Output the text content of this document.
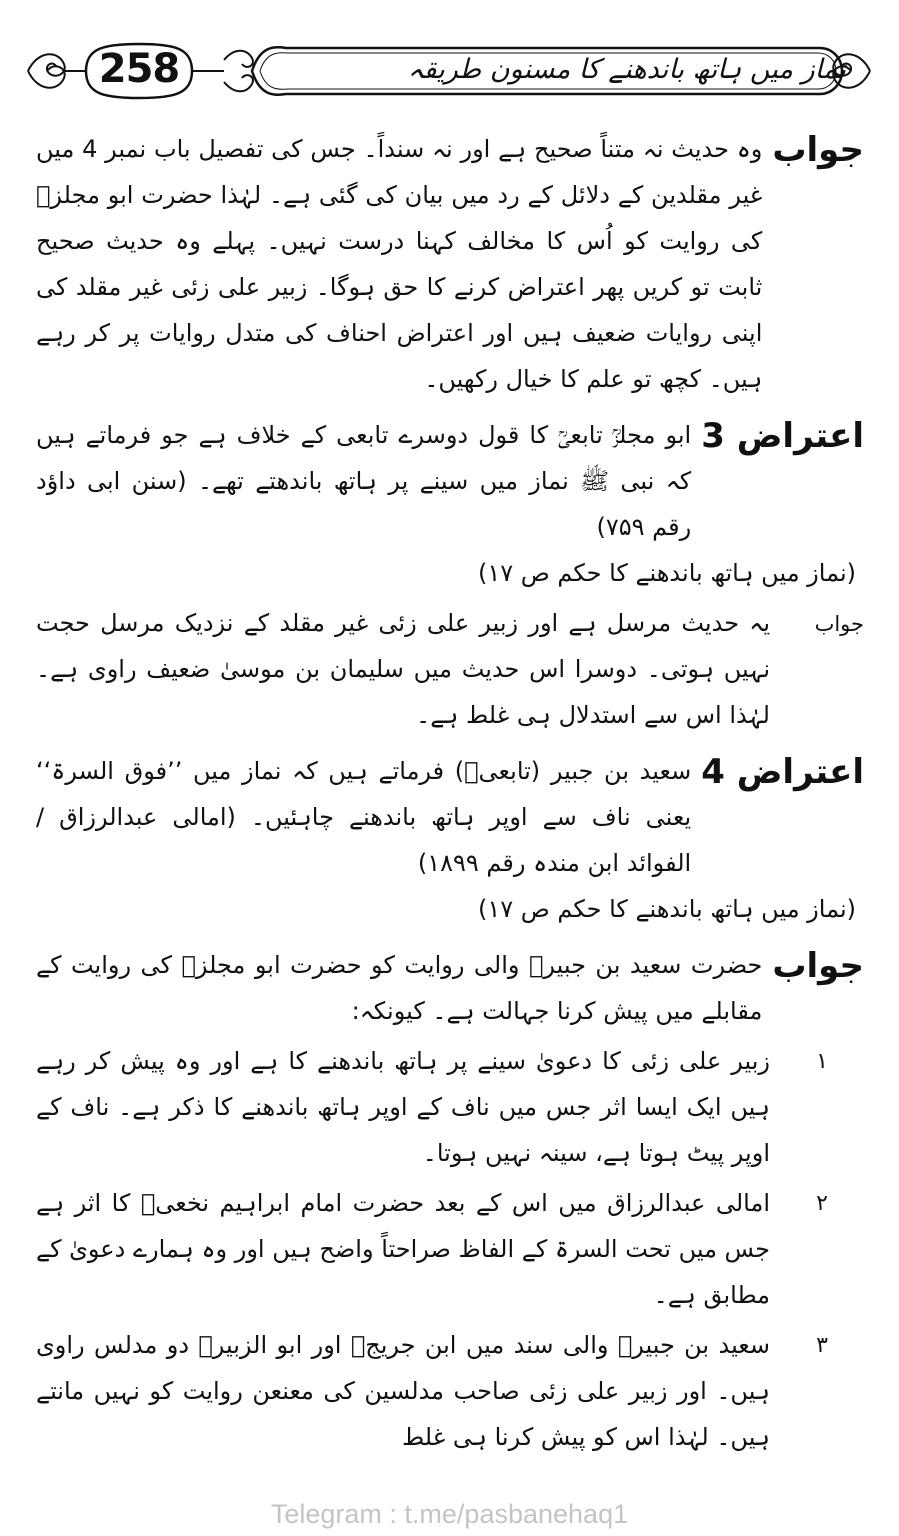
258	نماز میں ہاتھ باندھنے کا مسنون طریقہ
جواب
وہ حدیث نہ متناً صحیح ہے اور نہ سنداً۔ جس کی تفصیل باب نمبر 4 میں غیر مقلدین کے دلائل کے رد میں بیان کی گئی ہے۔ لہٰذا حضرت ابو مجلزؒ کی روایت کو اُس کا مخالف کہنا درست نہیں۔ پہلے وہ حدیث صحیح ثابت تو کریں پھر اعتراض کرنے کا حق ہوگا۔ زبیر علی زئی غیر مقلد کی اپنی روایات ضعیف ہیں اور اعتراض احناف کی متدل روایات پر کر رہے ہیں۔ کچھ تو علم کا خیال رکھیں۔
اعتراض 3
ابو مجلزؒ تابعیؒ کا قول دوسرے تابعی کے خلاف ہے جو فرماتے ہیں کہ نبی ﷺ نماز میں سینے پر ہاتھ باندھتے تھے۔ (سنن ابی داؤد رقم ۷۵۹)
(نماز میں ہاتھ باندھنے کا حکم ص ۱۷)
جواب
یہ حدیث مرسل ہے اور زبیر علی زئی غیر مقلد کے نزدیک مرسل حجت نہیں ہوتی۔ دوسرا اس حدیث میں سلیمان بن موسیٰ ضعیف راوی ہے۔ لہٰذا اس سے استدلال ہی غلط ہے۔
اعتراض 4
سعید بن جبیر (تابعیؒ) فرماتے ہیں کہ نماز میں ’’فوق السرۃ‘‘ یعنی ناف سے اوپر ہاتھ باندھنے چاہئیں۔ (امالی عبدالرزاق / الفوائد ابن مندہ رقم ۱۸۹۹)
(نماز میں ہاتھ باندھنے کا حکم ص ۱۷)
جواب
حضرت سعید بن جبیرؒ والی روایت کو حضرت ابو مجلزؒ کی روایت کے مقابلے میں پیش کرنا جہالت ہے۔ کیونکہ:
۱
زبیر علی زئی کا دعویٰ سینے پر ہاتھ باندھنے کا ہے اور وہ پیش کر رہے ہیں ایک ایسا اثر جس میں ناف کے اوپر ہاتھ باندھنے کا ذکر ہے۔ ناف کے اوپر پیٹ ہوتا ہے، سینہ نہیں ہوتا۔
۲
امالی عبدالرزاق میں اس کے بعد حضرت امام ابراہیم نخعیؒ کا اثر ہے جس میں تحت السرۃ کے الفاظ صراحتاً واضح ہیں اور وہ ہمارے دعویٰ کے مطابق ہے۔
۳
سعید بن جبیرؒ والی سند میں ابن جریجؒ اور ابو الزبیرؒ دو مدلس راوی ہیں۔ اور زبیر علی زئی صاحب مدلسین کی معنعن روایت کو نہیں مانتے ہیں۔ لہٰذا اس کو پیش کرنا ہی غلط
Telegram : t.me/pasbanehaq1
